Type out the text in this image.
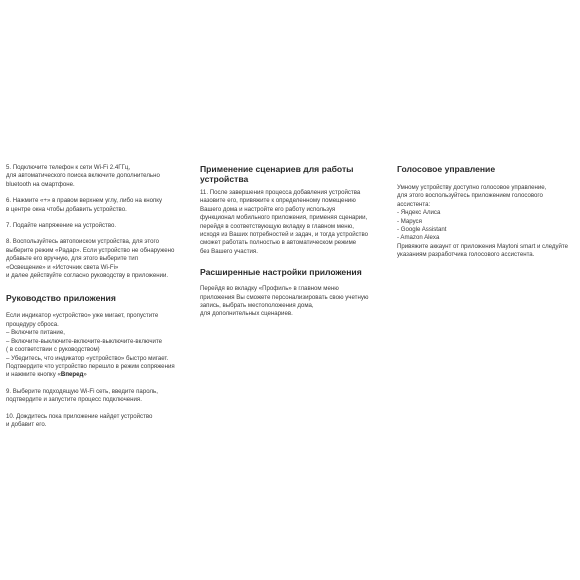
5. Подключите телефон к сети Wi-Fi 2.4ГГц,
для автоматического поиска включите дополнительно
bluetooth на смартфоне.

6. Нажмите «+» в правом верхнем углу, либо на кнопку
в центре окна чтобы добавить устройство.

7. Подайте напряжение на устройство.

8. Воспользуйтесь автопоиском устройства, для этого
выберите режим «Радар». Если устройство не обнаружено
добавьте его вручную, для этого выберите тип
«Освещение» и «Источник света Wi-Fi»
и далее действуйте согласно руководству в приложении.

Руководство приложения

Если индикатор «устройство» уже мигает, пропустите
процедуру сброса.
– Включите питание,
– Включите-выключите-включите-выключите-включите
( в соответствии с руководством)
– Убедитесь, что индикатор «устройство» быстро мигает.
Подтвердите что устройство перешло в режим сопряжения
и нажмите кнопку «Вперед»

9. Выберите подходящую Wi-Fi сеть, введите пароль,
подтвердите и запустите процесс подключения.

10. Дождитесь пока приложение найдет устройство
и добавит его.

Применение сценариев для работы
устройства

11. После завершения процесса добавления устройства
назовите его, привяжите к определенному помещению
Вашего дома и настройте его работу используя
функционал мобильного приложения, применяя сценарии,
перейдя в соответствующую вкладку в главном меню,
исходя из Ваших потребностей и задач, и тогда устройство
сможет работать полностью в автоматическом режиме
без Вашего участия.

Расширенные настройки приложения

Перейдя во вкладку «Профиль» в главном меню
приложения Вы сможете персонализировать свою учетную
запись, выбрать местоположения дома,
для дополнительных сценариев.

Голосовое управление

Умному устройству доступно голосовое управление,
для этого воспользуйтесь приложением голосового
ассистента:
- Яндекс Алиса
- Маруся
- Google Assistant
- Amazon Alexa
Привяжите аккаунт от приложения Maytoni smart и следуйте
указаниям разработчика голосового ассистента.
